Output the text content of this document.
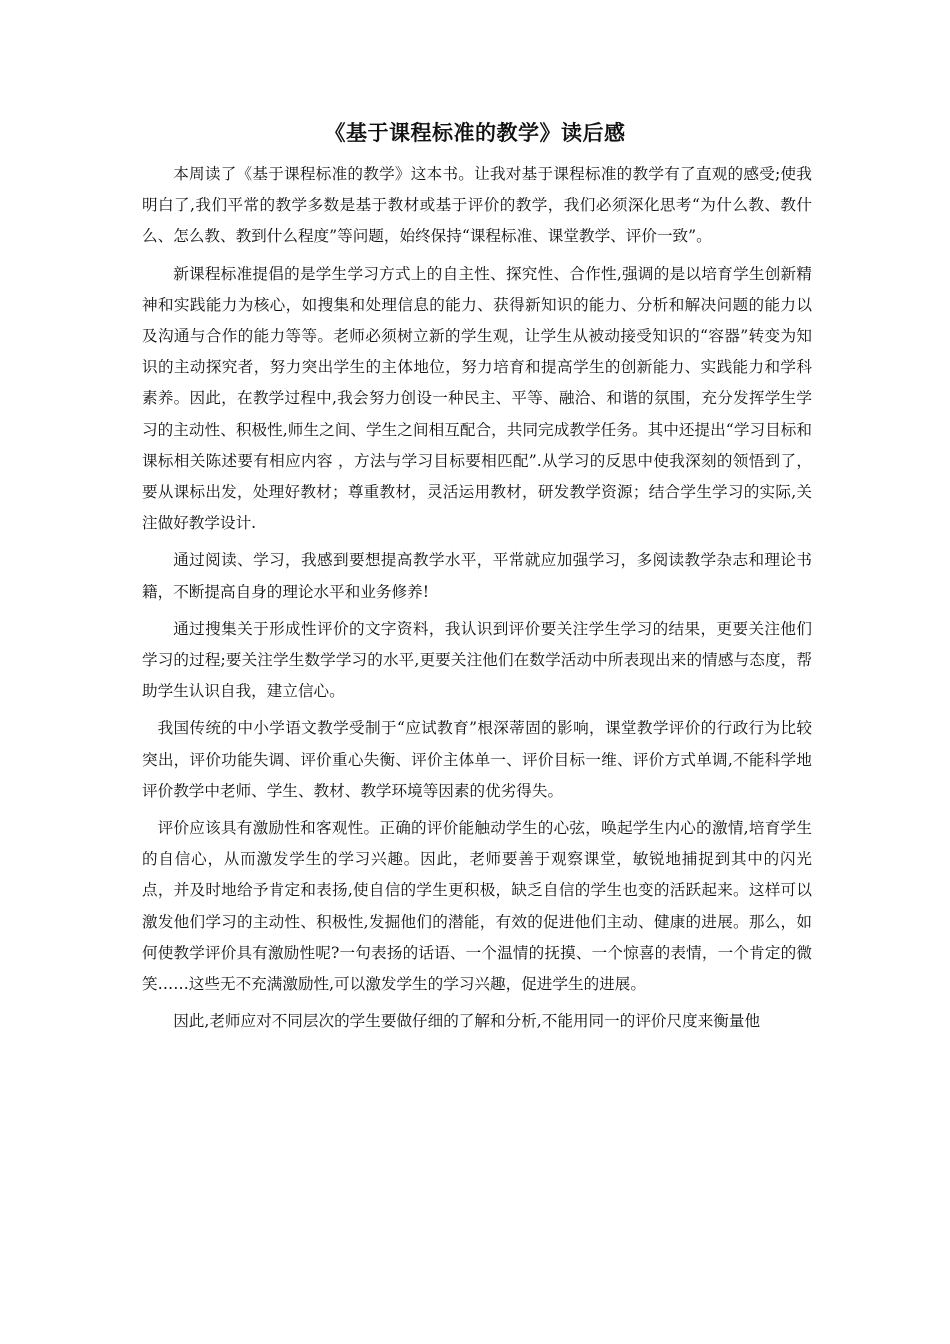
《基于课程标准的教学》读后感

本周读了《基于课程标准的教学》这本书。让我对基于课程标准的教学有了直观的感受;使我明白了,我们平常的教学多数是基于教材或基于评价的教学，我们必须深化思考“为什么教、教什么、怎么教、教到什么程度”等问题，始终保持“课程标准、课堂教学、评价一致”。

新课程标准提倡的是学生学习方式上的自主性、探究性、合作性,强调的是以培育学生创新精神和实践能力为核心，如搜集和处理信息的能力、获得新知识的能力、分析和解决问题的能力以及沟通与合作的能力等等。老师必须树立新的学生观，让学生从被动接受知识的“容器”转变为知识的主动探究者，努力突出学生的主体地位，努力培育和提高学生的创新能力、实践能力和学科素养。因此，在教学过程中,我会努力创设一种民主、平等、融洽、和谐的氛围，充分发挥学生学习的主动性、积极性,师生之间、学生之间相互配合，共同完成教学任务。其中还提出“学习目标和课标相关陈述要有相应内容 ，方法与学习目标要相匹配”.从学习的反思中使我深刻的领悟到了，要从课标出发，处理好教材；尊重教材，灵活运用教材，研发教学资源；结合学生学习的实际,关注做好教学设计.

通过阅读、学习，我感到要想提高教学水平，平常就应加强学习，多阅读教学杂志和理论书籍，不断提高自身的理论水平和业务修养!

通过搜集关于形成性评价的文字资料，我认识到评价要关注学生学习的结果，更要关注他们学习的过程;要关注学生数学学习的水平,更要关注他们在数学活动中所表现出来的情感与态度，帮助学生认识自我，建立信心。

我国传统的中小学语文教学受制于“应试教育”根深蒂固的影响，课堂教学评价的行政行为比较突出，评价功能失调、评价重心失衡、评价主体单一、评价目标一维、评价方式单调,不能科学地评价教学中老师、学生、教材、教学环境等因素的优劣得失。

评价应该具有激励性和客观性。正确的评价能触动学生的心弦，唤起学生内心的激情,培育学生的自信心，从而激发学生的学习兴趣。因此，老师要善于观察课堂，敏锐地捕捉到其中的闪光点，并及时地给予肯定和表扬,使自信的学生更积极，缺乏自信的学生也变的活跃起来。这样可以激发他们学习的主动性、积极性,发掘他们的潜能，有效的促进他们主动、健康的进展。那么，如何使教学评价具有激励性呢?一句表扬的话语、一个温情的抚摸、一个惊喜的表情，一个肯定的微笑……这些无不充满激励性,可以激发学生的学习兴趣，促进学生的进展。

因此,老师应对不同层次的学生要做仔细的了解和分析,不能用同一的评价尺度来衡量他
